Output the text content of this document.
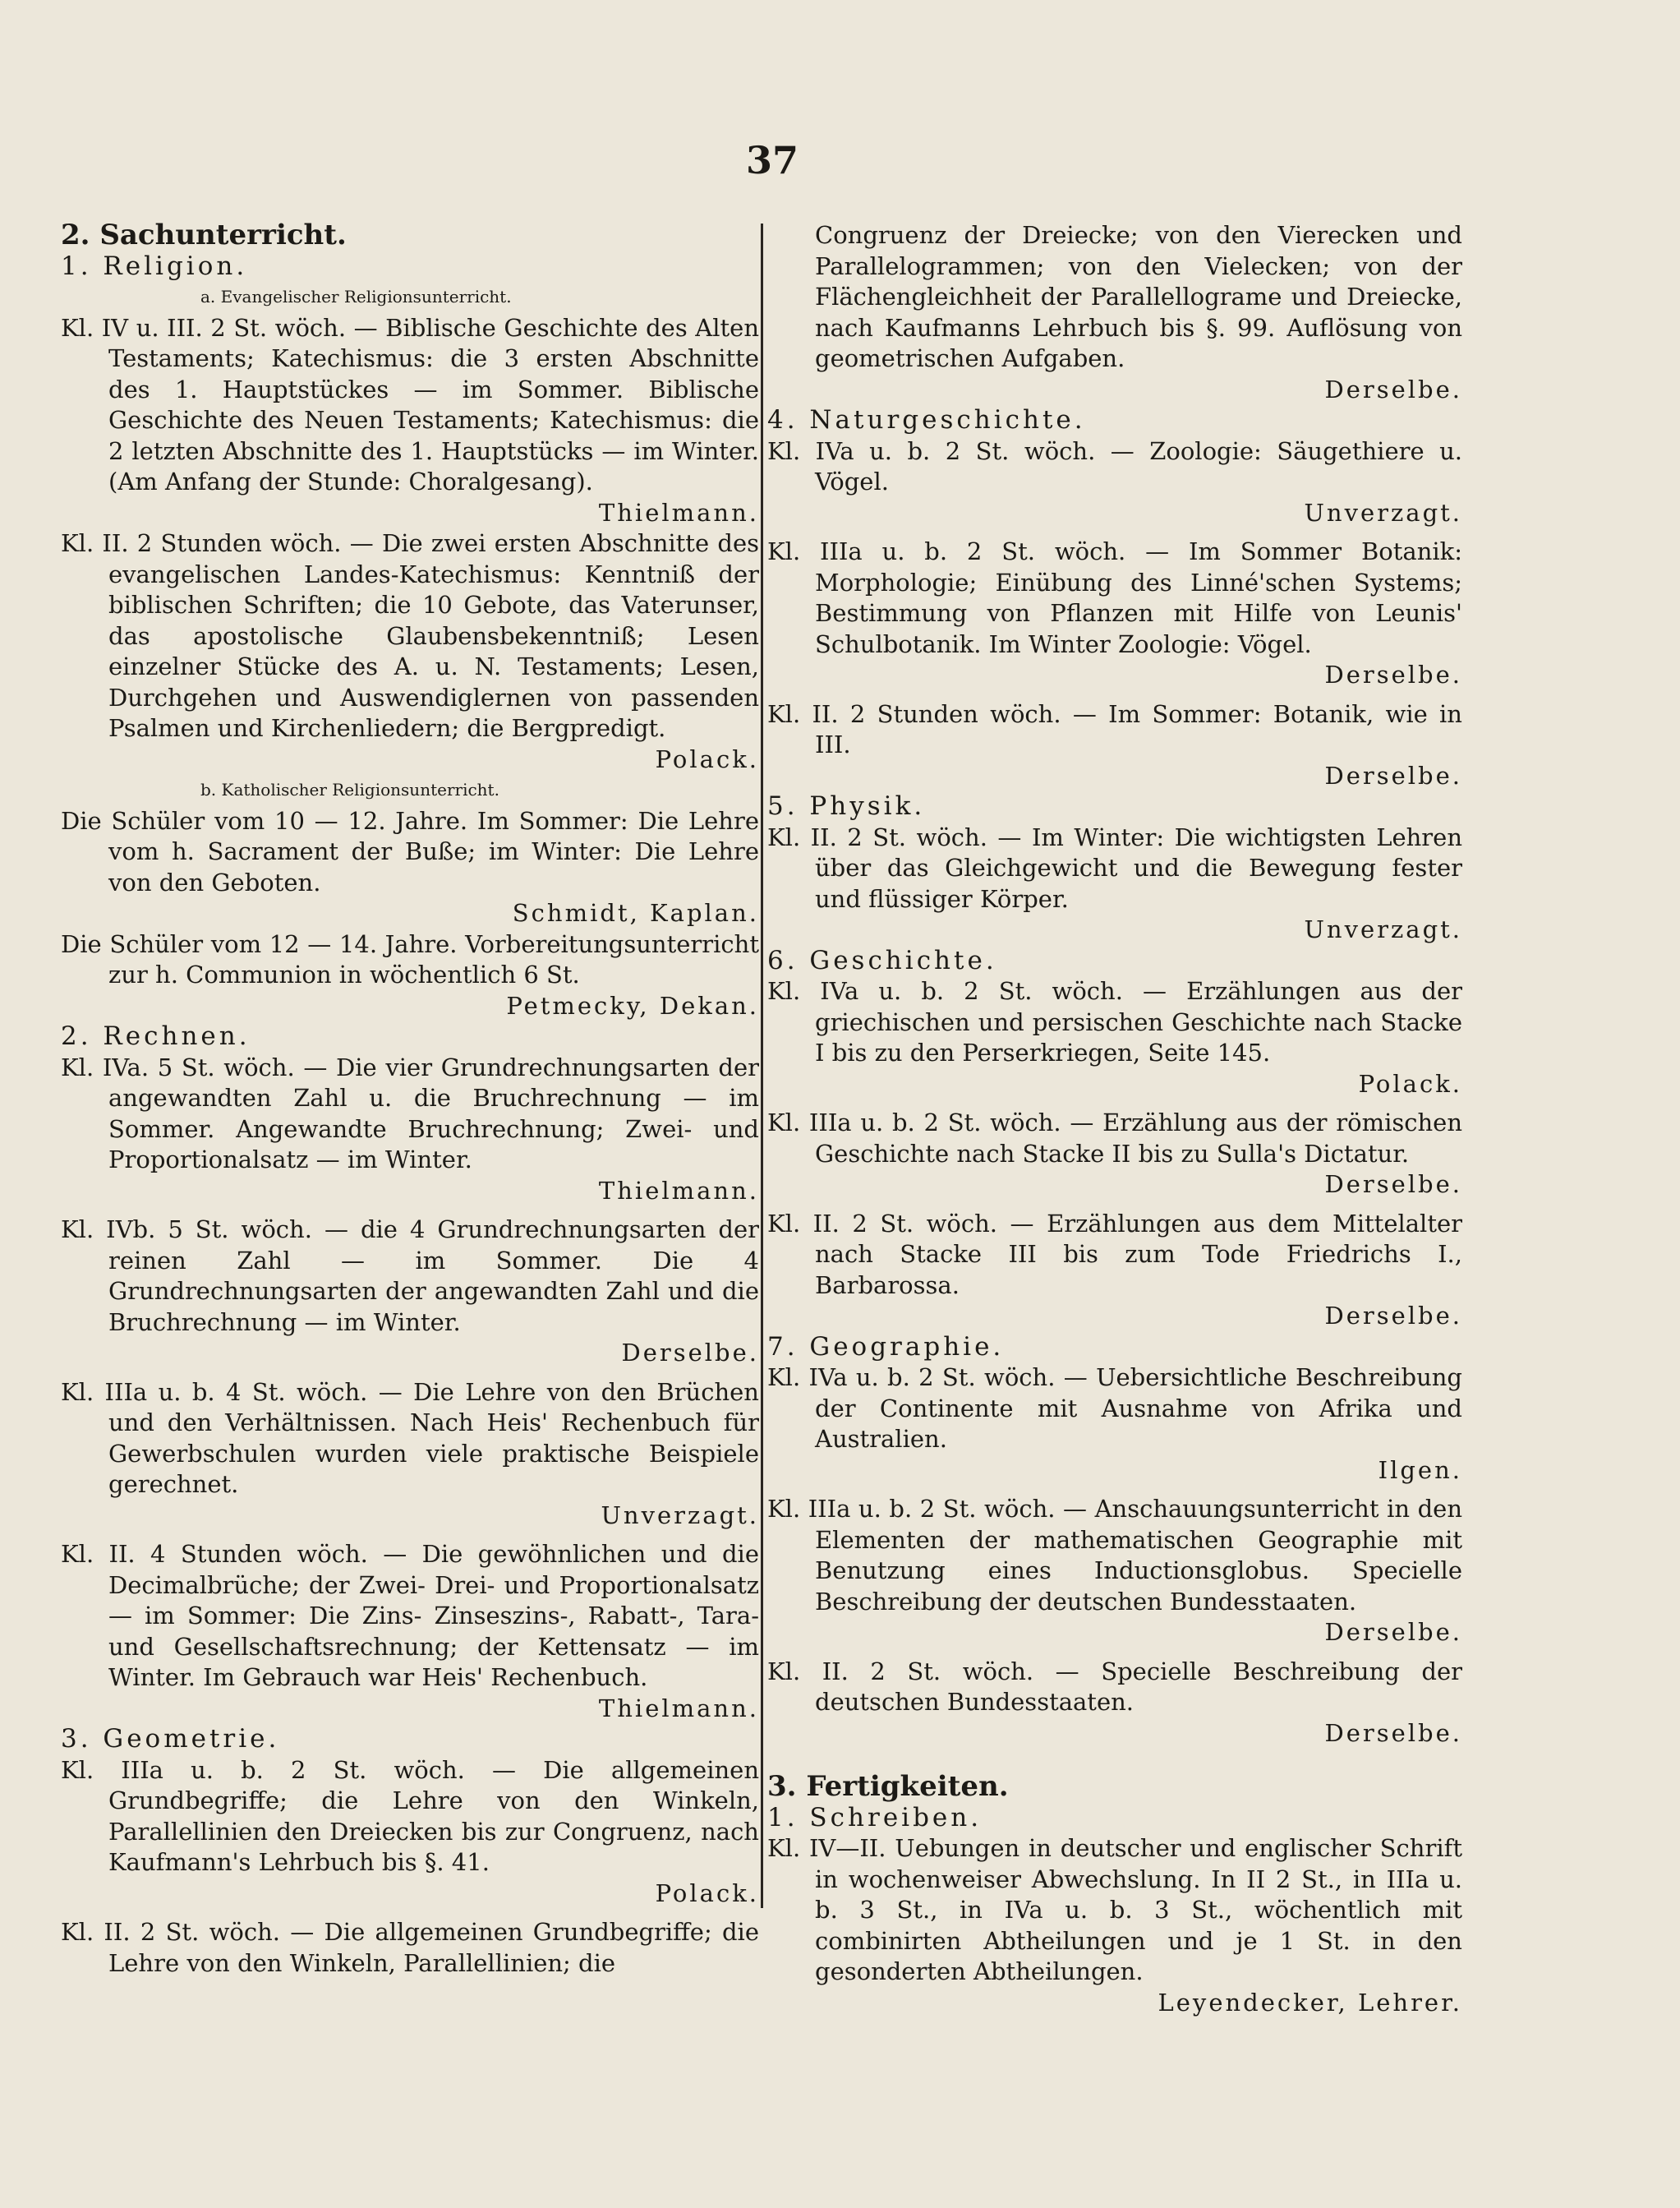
37

2. Sachunterricht.

1. Religion.

a. Evangelischer Religionsunterricht.

Kl. IV u. III. 2 St. wöch. — Biblische Geschichte des Alten Testaments; Katechismus: die 3 ersten Abschnitte des 1. Hauptstückes — im Sommer. Biblische Geschichte des Neuen Testaments; Katechismus: die 2 letzten Abschnitte des 1. Hauptstücks — im Winter. (Am Anfang der Stunde: Choralgesang).
Thielmann.

Kl. II. 2 Stunden wöch. — Die zwei ersten Abschnitte des evangelischen Landes-Katechismus: Kenntniß der biblischen Schriften; die 10 Gebote, das Vaterunser, das apostolische Glaubensbekenntniß; Lesen einzelner Stücke des A. u. N. Testaments; Lesen, Durchgehen und Auswendiglernen von passenden Psalmen und Kirchenliedern; die Bergpredigt.
Polack.

b. Katholischer Religionsunterricht.

Die Schüler vom 10 — 12. Jahre. Im Sommer: Die Lehre vom h. Sacrament der Buße; im Winter: Die Lehre von den Geboten.
Schmidt, Kaplan.

Die Schüler vom 12 — 14. Jahre. Vorbereitungsunterricht zur h. Communion in wöchentlich 6 St.
Petmecky, Dekan.

2. Rechnen.

Kl. IVa. 5 St. wöch. — Die vier Grundrechnungsarten der angewandten Zahl u. die Bruchrechnung — im Sommer. Angewandte Bruchrechnung; Zwei- und Proportionalsatz — im Winter.
Thielmann.

Kl. IVb. 5 St. wöch. — die 4 Grundrechnungsarten der reinen Zahl — im Sommer. Die 4 Grundrechnungsarten der angewandten Zahl und die Bruchrechnung — im Winter.
Derselbe.

Kl. IIIa u. b. 4 St. wöch. — Die Lehre von den Brüchen und den Verhältnissen. Nach Heis' Rechenbuch für Gewerbschulen wurden viele praktische Beispiele gerechnet.
Unverzagt.

Kl. II. 4 Stunden wöch. — Die gewöhnlichen und die Decimalbrüche; der Zwei- Drei- und Proportionalsatz — im Sommer: Die Zins- Zinseszins-, Rabatt-, Tara- und Gesellschaftsrechnung; der Kettensatz — im Winter. Im Gebrauch war Heis' Rechenbuch.
Thielmann.

3. Geometrie.

Kl. IIIa u. b. 2 St. wöch. — Die allgemeinen Grundbegriffe; die Lehre von den Winkeln, Parallellinien den Dreiecken bis zur Congruenz, nach Kaufmann's Lehrbuch bis §. 41.
Polack.

Kl. II. 2 St. wöch. — Die allgemeinen Grundbegriffe; die Lehre von den Winkeln, Parallellinien; die

Congruenz der Dreiecke; von den Vierecken und Parallelogrammen; von den Vielecken; von der Flächengleichheit der Parallellograme und Dreiecke, nach Kaufmanns Lehrbuch bis §. 99. Auflösung von geometrischen Aufgaben.
Derselbe.

4. Naturgeschichte.

Kl. IVa u. b. 2 St. wöch. — Zoologie: Säugethiere u. Vögel.
Unverzagt.

Kl. IIIa u. b. 2 St. wöch. — Im Sommer Botanik: Morphologie; Einübung des Linné'schen Systems; Bestimmung von Pflanzen mit Hilfe von Leunis' Schulbotanik. Im Winter Zoologie: Vögel.
Derselbe.

Kl. II. 2 Stunden wöch. — Im Sommer: Botanik, wie in III.
Derselbe.

5. Physik.

Kl. II. 2 St. wöch. — Im Winter: Die wichtigsten Lehren über das Gleichgewicht und die Bewegung fester und flüssiger Körper.
Unverzagt.

6. Geschichte.

Kl. IVa u. b. 2 St. wöch. — Erzählungen aus der griechischen und persischen Geschichte nach Stacke I bis zu den Perserkriegen, Seite 145.
Polack.

Kl. IIIa u. b. 2 St. wöch. — Erzählung aus der römischen Geschichte nach Stacke II bis zu Sulla's Dictatur.
Derselbe.

Kl. II. 2 St. wöch. — Erzählungen aus dem Mittelalter nach Stacke III bis zum Tode Friedrichs I., Barbarossa.
Derselbe.

7. Geographie.

Kl. IVa u. b. 2 St. wöch. — Uebersichtliche Beschreibung der Continente mit Ausnahme von Afrika und Australien.
Ilgen.

Kl. IIIa u. b. 2 St. wöch. — Anschauungsunterricht in den Elementen der mathematischen Geographie mit Benutzung eines Inductionsglobus. Specielle Beschreibung der deutschen Bundesstaaten.
Derselbe.

Kl. II. 2 St. wöch. — Specielle Beschreibung der deutschen Bundesstaaten.
Derselbe.

3. Fertigkeiten.

1. Schreiben.

Kl. IV—II. Uebungen in deutscher und englischer Schrift in wochenweiser Abwechslung. In II 2 St., in IIIa u. b. 3 St., in IVa u. b. 3 St., wöchentlich mit combinirten Abtheilungen und je 1 St. in den gesonderten Abtheilungen.
Leyendecker, Lehrer.
